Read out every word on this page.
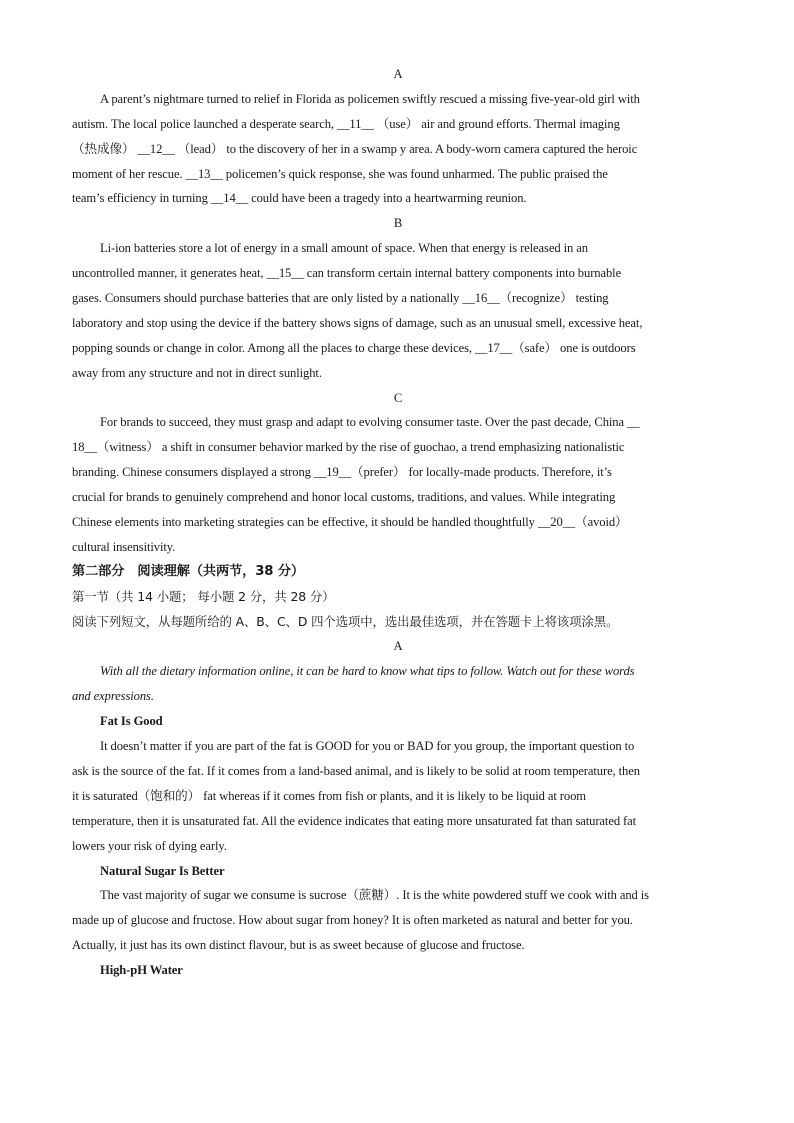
A
A parent’s nightmare turned to relief in Florida as policemen swiftly rescued a missing five-year-old girl with
autism. The local police launched a desperate search, __11__ （use） air and ground efforts. Thermal imaging
（热成像） __12__ （lead） to the discovery of her in a swamp y area. A body-worn camera captured the heroic
moment of her rescue. __13__ policemen’s quick response, she was found unharmed. The public praised the
team’s efficiency in turning __14__ could have been a tragedy into a heartwarming reunion.
B
Li-ion batteries store a lot of energy in a small amount of space. When that energy is released in an
uncontrolled manner, it generates heat, __15__ can transform certain internal battery components into burnable
gases. Consumers should purchase batteries that are only listed by a nationally __16__（recognize） testing
laboratory and stop using the device if the battery shows signs of damage, such as an unusual smell, excessive heat,
popping sounds or change in color. Among all the places to charge these devices, __17__（safe） one is outdoors
away from any structure and not in direct sunlight.
C
For brands to succeed, they must grasp and adapt to evolving consumer taste. Over the past decade, China __
18__（witness） a shift in consumer behavior marked by the rise of guochao, a trend emphasizing nationalistic
branding. Chinese consumers displayed a strong __19__（prefer） for locally-made products. Therefore, it’s
crucial for brands to genuinely comprehend and honor local customs, traditions, and values. While integrating
Chinese elements into marketing strategies can be effective, it should be handled thoughtfully __20__（avoid）
cultural insensitivity.
第二部分　阅读理解（共两节，38 分）
第一节（共 14 小题； 每小题 2 分，共 28 分）
阅读下列短文，从每题所给的 A、B、C、D 四个选项中，选出最佳选项，并在答题卡上将该项涂黑。
A
With all the dietary information online, it can be hard to know what tips to follow. Watch out for these words
and expressions.
Fat Is Good
It doesn’t matter if you are part of the fat is GOOD for you or BAD for you group, the important question to
ask is the source of the fat. If it comes from a land-based animal, and is likely to be solid at room temperature, then
it is saturated（饱和的） fat whereas if it comes from fish or plants, and it is likely to be liquid at room
temperature, then it is unsaturated fat. All the evidence indicates that eating more unsaturated fat than saturated fat
lowers your risk of dying early.
Natural Sugar Is Better
The vast majority of sugar we consume is sucrose（蔗糖）. It is the white powdered stuff we cook with and is
made up of glucose and fructose. How about sugar from honey? It is often marketed as natural and better for you.
Actually, it just has its own distinct flavour, but is as sweet because of glucose and fructose.
High-pH Water
